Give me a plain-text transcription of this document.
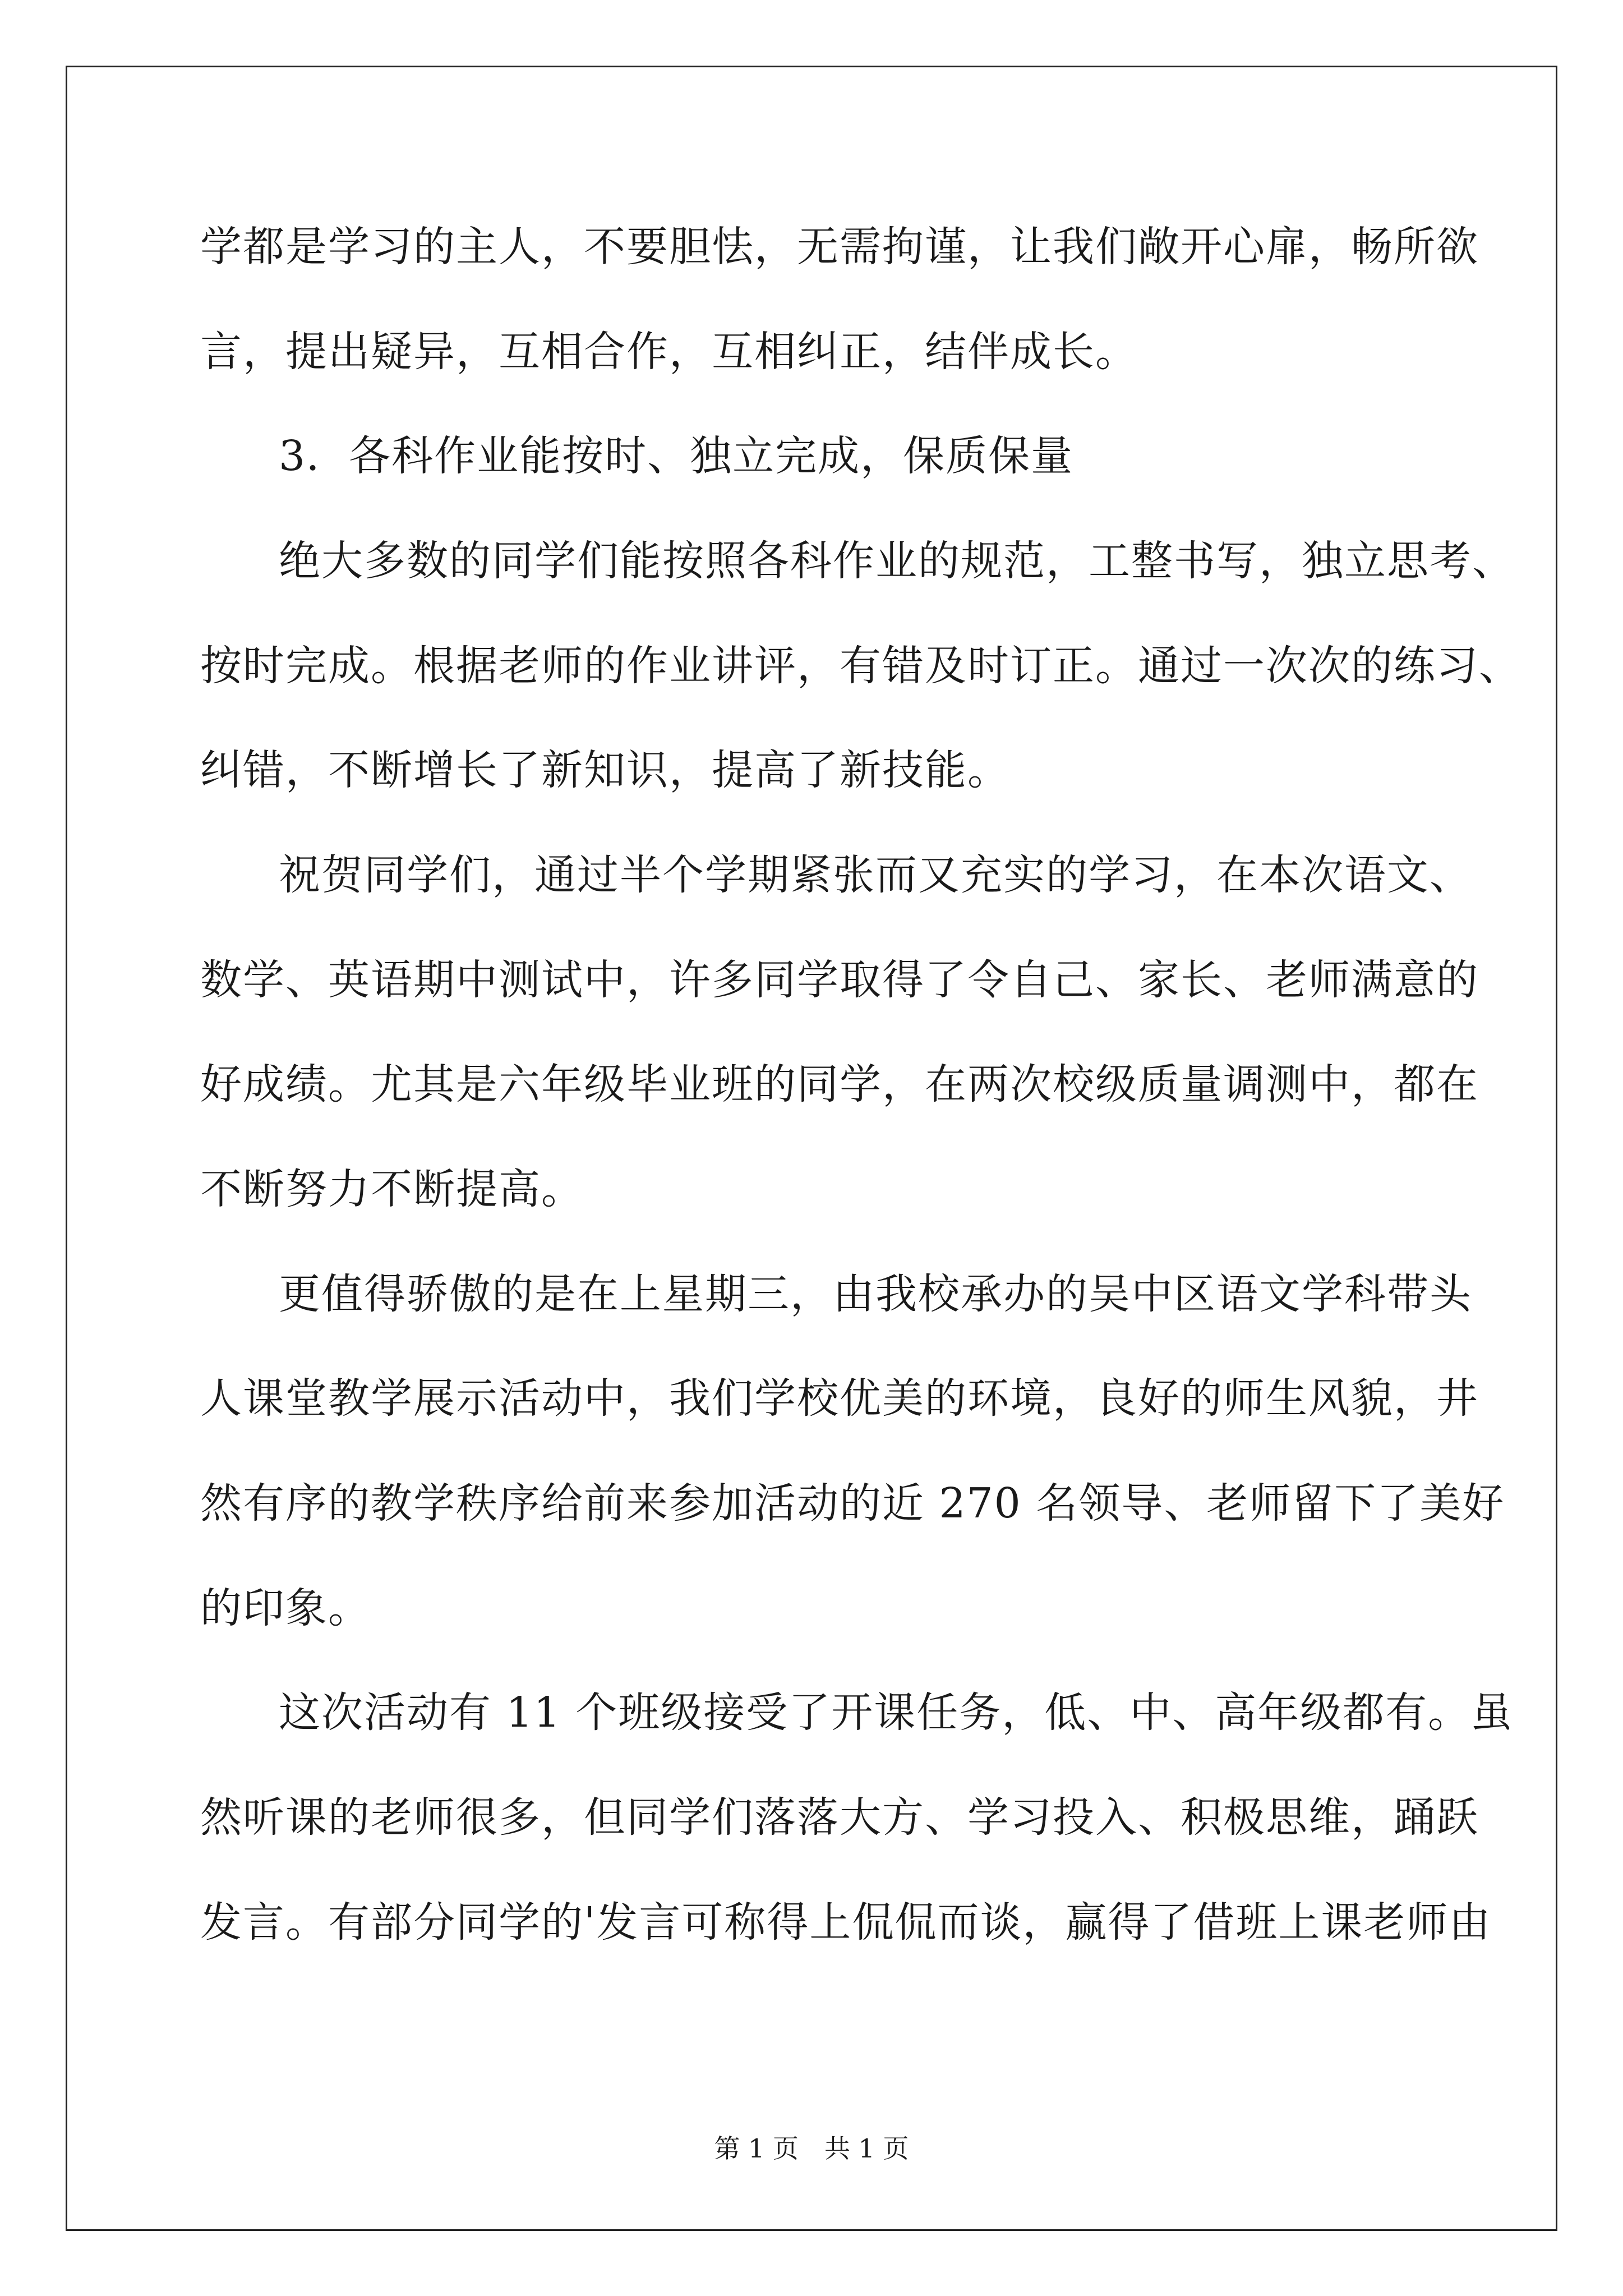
学都是学习的主人，不要胆怯，无需拘谨，让我们敞开心扉，畅所欲
言，提出疑异，互相合作，互相纠正，结伴成长。
3．各科作业能按时、独立完成，保质保量
绝大多数的同学们能按照各科作业的规范，工整书写，独立思考、
按时完成。根据老师的作业讲评，有错及时订正。通过一次次的练习、
纠错，不断增长了新知识，提高了新技能。
祝贺同学们，通过半个学期紧张而又充实的学习，在本次语文、
数学、英语期中测试中，许多同学取得了令自己、家长、老师满意的
好成绩。尤其是六年级毕业班的同学，在两次校级质量调测中，都在
不断努力不断提高。
更值得骄傲的是在上星期三，由我校承办的吴中区语文学科带头
人课堂教学展示活动中，我们学校优美的环境，良好的师生风貌，井
然有序的教学秩序给前来参加活动的近 270 名领导、老师留下了美好
的印象。
这次活动有 11 个班级接受了开课任务，低、中、高年级都有。虽
然听课的老师很多，但同学们落落大方、学习投入、积极思维，踊跃
发言。有部分同学的'发言可称得上侃侃而谈，赢得了借班上课老师由
第 1 页　共 1 页
